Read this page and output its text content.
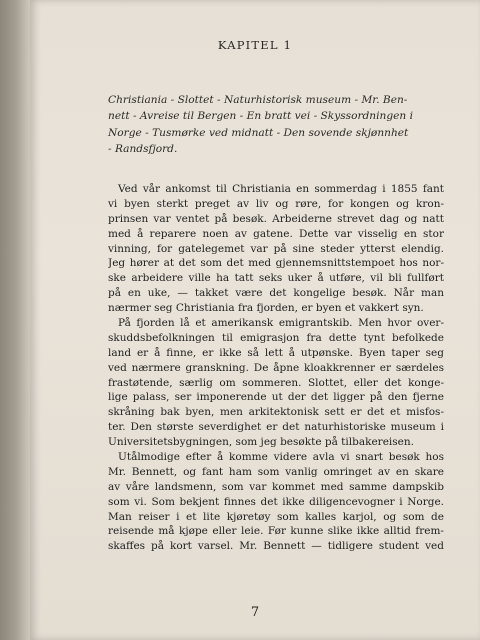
KAPITEL 1
Christiania - Slottet - Naturhistorisk museum - Mr. Ben-
nett - Avreise til Bergen - En bratt vei - Skyssordningen i
Norge - Tusmørke ved midnatt - Den sovende skjønnhet
- Randsfjord.
Ved vår ankomst til Christiania en sommerdag i 1855 fant
vi byen sterkt preget av liv og røre, for kongen og kron-
prinsen var ventet på besøk. Arbeiderne strevet dag og natt
med å reparere noen av gatene. Dette var visselig en stor
vinning, for gatelegemet var på sine steder ytterst elendig.
Jeg hører at det som det med gjennemsnittstempoet hos nor-
ske arbeidere ville ha tatt seks uker å utføre, vil bli fullført
på en uke, — takket være det kongelige besøk. Når man
nærmer seg Christiania fra fjorden, er byen et vakkert syn.
På fjorden lå et amerikansk emigrantskib. Men hvor over-
skuddsbefolkningen til emigrasjon fra dette tynt befolkede
land er å finne, er ikke så lett å utpønske. Byen taper seg
ved nærmere granskning. De åpne kloakkrenner er særdeles
frastøtende, særlig om sommeren. Slottet, eller det konge-
lige palass, ser imponerende ut der det ligger på den fjerne
skråning bak byen, men arkitektonisk sett er det et misfos-
ter. Den største severdighet er det naturhistoriske museum i
Universitetsbygningen, som jeg besøkte på tilbakereisen.
Utålmodige efter å komme videre avla vi snart besøk hos
Mr. Bennett, og fant ham som vanlig omringet av en skare
av våre landsmenn, som var kommet med samme dampskib
som vi. Som bekjent finnes det ikke diligencevogner i Norge.
Man reiser i et lite kjøretøy som kalles karjol, og som de
reisende må kjøpe eller leie. Før kunne slike ikke alltid frem-
skaffes på kort varsel. Mr. Bennett — tidligere student ved
7
